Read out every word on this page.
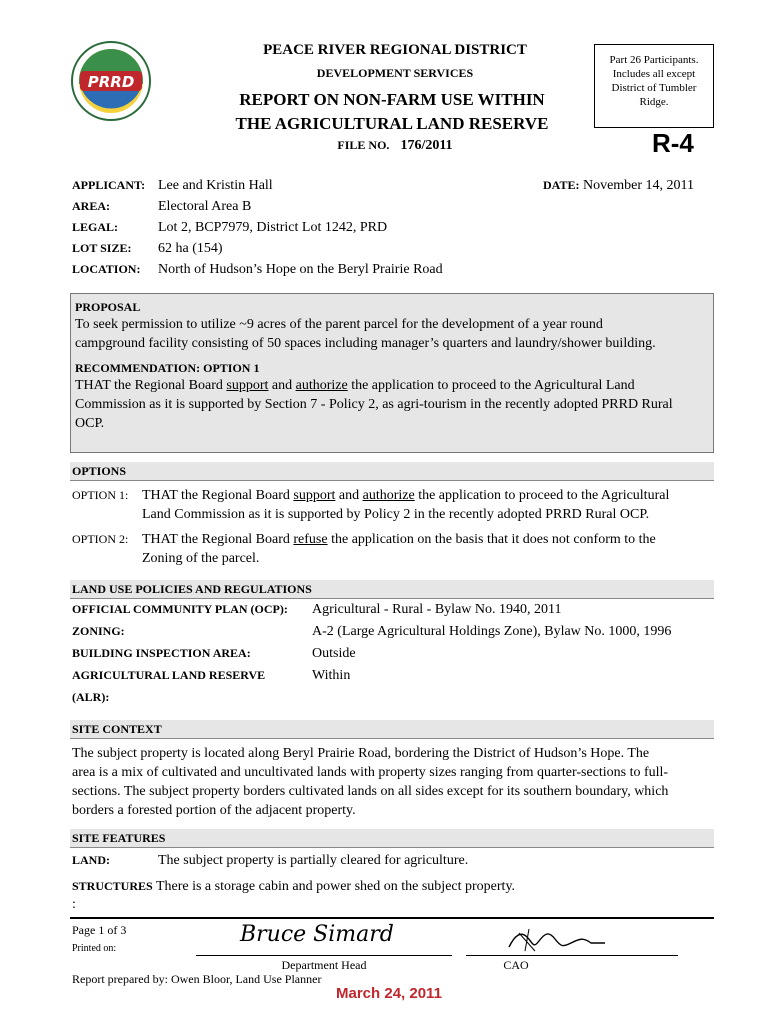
PRRD
PEACE RIVER REGIONAL DISTRICT
DEVELOPMENT SERVICES
REPORT ON NON-FARM USE WITHIN
THE AGRICULTURAL LAND RESERVE
FILE NO. 176/2011
Part 26 Participants.
Includes all except
District of Tumbler
Ridge.
R-4
APPLICANT: Lee and Kristin Hall
AREA:	Electoral Area B
LEGAL:	Lot 2, BCP7979, District Lot 1242, PRD
LOT SIZE:	62 ha (154)
LOCATION:	North of Hudson’s Hope on the Beryl Prairie Road
DATE: November 14, 2011
PROPOSAL
To seek permission to utilize ~9 acres of the parent parcel for the development of a year round
campground facility consisting of 50 spaces including manager’s quarters and laundry/shower building.
RECOMMENDATION: OPTION 1
THAT the Regional Board support and authorize the application to proceed to the Agricultural Land
Commission as it is supported by Section 7 - Policy 2, as agri-tourism in the recently adopted PRRD Rural
OCP.
OPTIONS
OPTION 1: THAT the Regional Board support and authorize the application to proceed to the Agricultural
Land Commission as it is supported by Policy 2 in the recently adopted PRRD Rural OCP.
OPTION 2: THAT the Regional Board refuse the application on the basis that it does not conform to the
Zoning of the parcel.
LAND USE POLICIES AND REGULATIONS
OFFICIAL COMMUNITY PLAN (OCP):	Agricultural - Rural - Bylaw No. 1940, 2011
ZONING:	A-2 (Large Agricultural Holdings Zone), Bylaw No. 1000, 1996
BUILDING INSPECTION AREA:	Outside
AGRICULTURAL LAND RESERVE	Within
(ALR):
SITE CONTEXT
The subject property is located along Beryl Prairie Road, bordering the District of Hudson’s Hope. The
area is a mix of cultivated and uncultivated lands with property sizes ranging from quarter-sections to full-
sections. The subject property borders cultivated lands on all sides except for its southern boundary, which
borders a forested portion of the adjacent property.
SITE FEATURES
LAND:	The subject property is partially cleared for agriculture.
STRUCTURES There is a storage cabin and power shed on the subject property.
:
Page 1 of 3
Printed on:
Bruce Simard
Department Head	CAO
Report prepared by: Owen Bloor, Land Use Planner
March 24, 2011
